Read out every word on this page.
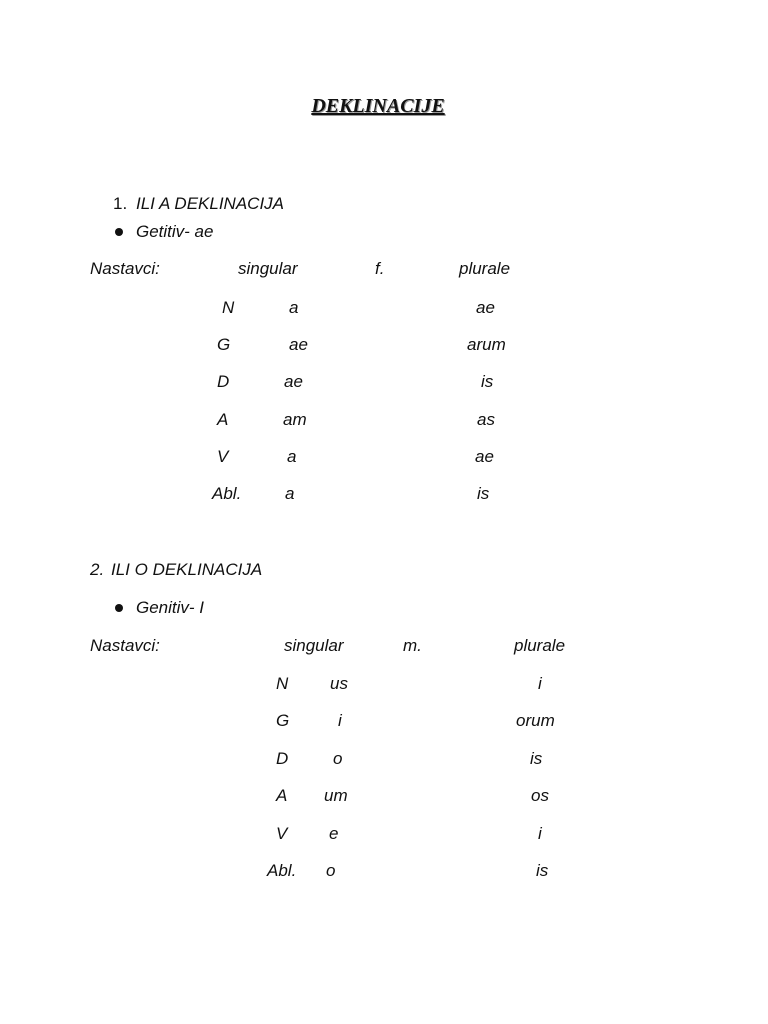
DEKLINACIJE
1. ILI A DEKLINACIJA
Getitiv- ae
Nastavci:	singular	f.	plurale
N	a	ae
G	ae	arum
D	ae	is
A	am	as
V	a	ae
Abl.	a	is
2. ILI O DEKLINACIJA
Genitiv- I
Nastavci:	singular	m.	plurale
N us	i
G	i	orum
D	o	is
A um	os
V e	i
Abl. o	is
